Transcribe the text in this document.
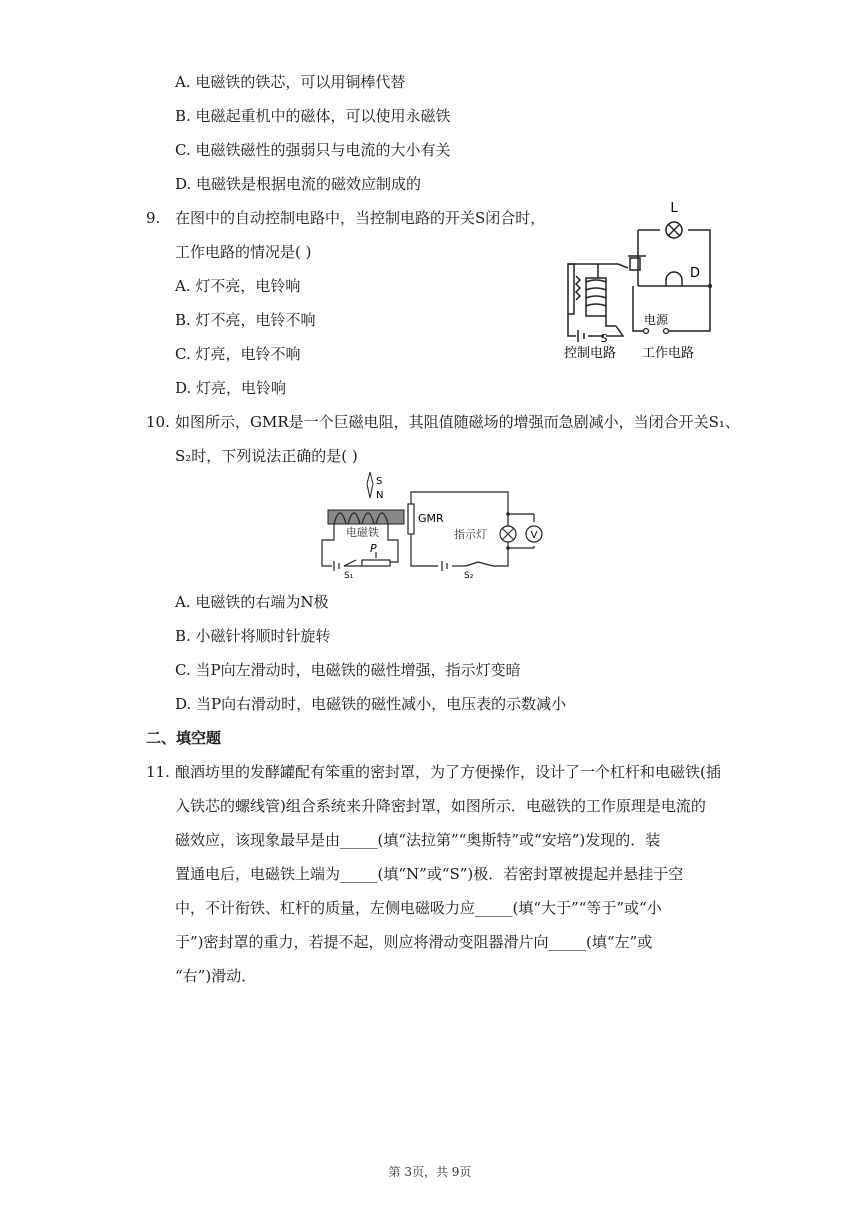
A. 电磁铁的铁芯，可以用铜棒代替
B. 电磁起重机中的磁体，可以使用永磁铁
C. 电磁铁磁性的强弱只与电流的大小有关
D. 电磁铁是根据电流的磁效应制成的
9. 在图中的自动控制电路中，当控制电路的开关S闭合时，
工作电路的情况是( )
A. 灯不亮，电铃响
B. 灯不亮，电铃不响
C. 灯亮，电铃不响
D. 灯亮，电铃响
L
D
S
电源
控制电路 工作电路
10. 如图所示，GMR是一个巨磁电阻，其阻值随磁场的增强而急剧减小，当闭合开关S₁、
S₂时，下列说法正确的是( )
S
N
V
GMR
电磁铁
P
S₁	S₂
指示灯
A. 电磁铁的右端为N极
B. 小磁针将顺时针旋转
C. 当P向左滑动时，电磁铁的磁性增强，指示灯变暗
D. 当P向右滑动时，电磁铁的磁性减小，电压表的示数减小
二、填空题
11. 酿酒坊里的发酵罐配有笨重的密封罩，为了方便操作，设计了一个杠杆和电磁铁(插
入铁芯的螺线管)组合系统来升降密封罩，如图所示．电磁铁的工作原理是电流的
磁效应，该现象最早是由_____(填“法拉第”“奥斯特”或“安培”)发现的．装
置通电后，电磁铁上端为_____(填“N”或“S”)极．若密封罩被提起并悬挂于空
中，不计衔铁、杠杆的质量，左侧电磁吸力应_____(填“大于”“等于”或“小
于”)密封罩的重力，若提不起，则应将滑动变阻器滑片向_____(填“左”或
“右”)滑动．
第 3页，共 9页
